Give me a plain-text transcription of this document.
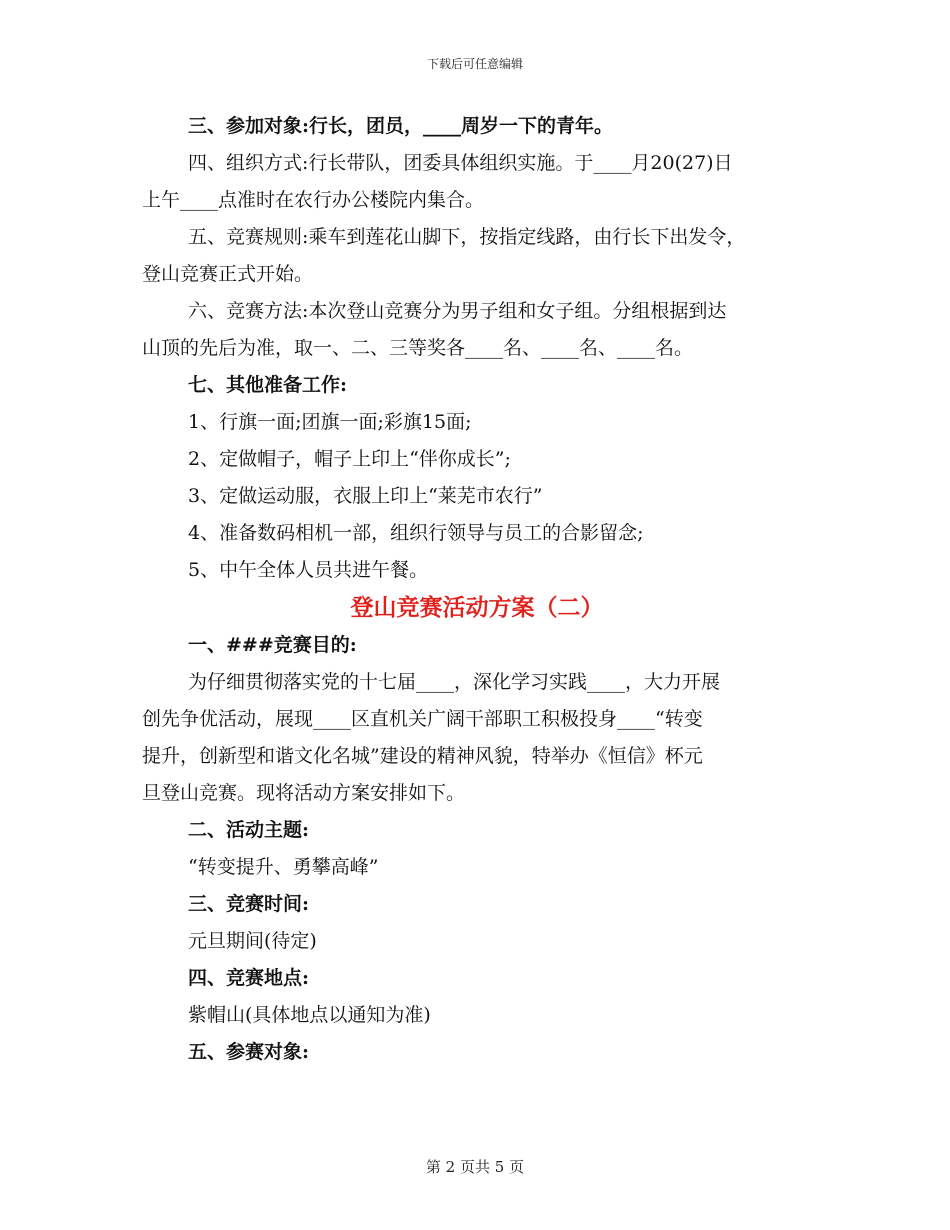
下载后可任意编辑
三、参加对象:行长，团员，____周岁一下的青年。
四、组织方式:行长带队，团委具体组织实施。于____月20(27)日
上午____点准时在农行办公楼院内集合。
五、竞赛规则:乘车到莲花山脚下，按指定线路，由行长下出发令，
登山竞赛正式开始。
六、竞赛方法:本次登山竞赛分为男子组和女子组。分组根据到达
山顶的先后为准，取一、二、三等奖各____名、____名、____名。
七、其他准备工作:
1、行旗一面;团旗一面;彩旗15面;
2、定做帽子，帽子上印上“伴你成长”;
3、定做运动服，衣服上印上“莱芜市农行”
4、准备数码相机一部，组织行领导与员工的合影留念;
5、中午全体人员共进午餐。
登山竞赛活动方案（二）
一、###竞赛目的:
为仔细贯彻落实党的十七届____，深化学习实践____，大力开展
创先争优活动，展现____区直机关广阔干部职工积极投身____“转变
提升，创新型和谐文化名城”建设的精神风貌，特举办《恒信》杯元
旦登山竞赛。现将活动方案安排如下。
二、活动主题:
“转变提升、勇攀高峰”
三、竞赛时间:
元旦期间(待定)
四、竞赛地点:
紫帽山(具体地点以通知为准)
五、参赛对象:
第 2 页共 5 页
